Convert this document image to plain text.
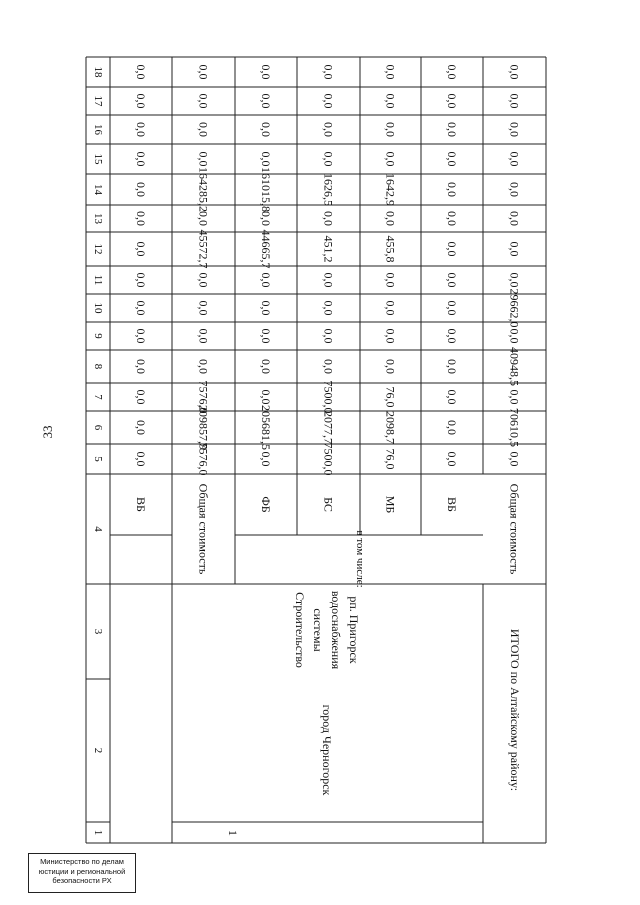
33
1
2
3
4
5
6
7
8
9
10
11
12
13
14
15
16
17
18
ВБ
0,0
0,0
0,0
0,0
0,0
0,0
0,0
0,0
0,0
0,0
0,0
0,0
0,0
0,0
Общая стоимость
7576,0
209857,9
7576,0
0,0
0,0
0,0
0,0
45572,7
0,0
164285,2
0,0
0,0
0,0
0,0
ФБ
0,0
205681,5
0,0
0,0
0,0
0,0
0,0
44665,7
0,0
161015,8
0,0
0,0
0,0
0,0
БС
7500,0
2077,7
7500,0
0,0
0,0
0,0
0,0
451,2
0,0
1626,5
0,0
0,0
0,0
0,0
МБ
76,0
2098,7
76,0
0,0
0,0
0,0
0,0
455,8
0,0
1642,9
0,0
0,0
0,0
0,0
ВБ
0,0
0,0
0,0
0,0
0,0
0,0
0,0
0,0
0,0
0,0
0,0
0,0
0,0
0,0
Общая стоимость
0,0
70610,5
0,0
40948,5
0,0
29662,0
0,0
0,0
0,0
0,0
0,0
0,0
0,0
0,0
в том числе:
1
город Черногорск
Строительство системы водоснабжения рп. Пригорск	ИТОГО по Алтайскому району:
Министерство по делам
юстиции и региональной
безопасности РХ
